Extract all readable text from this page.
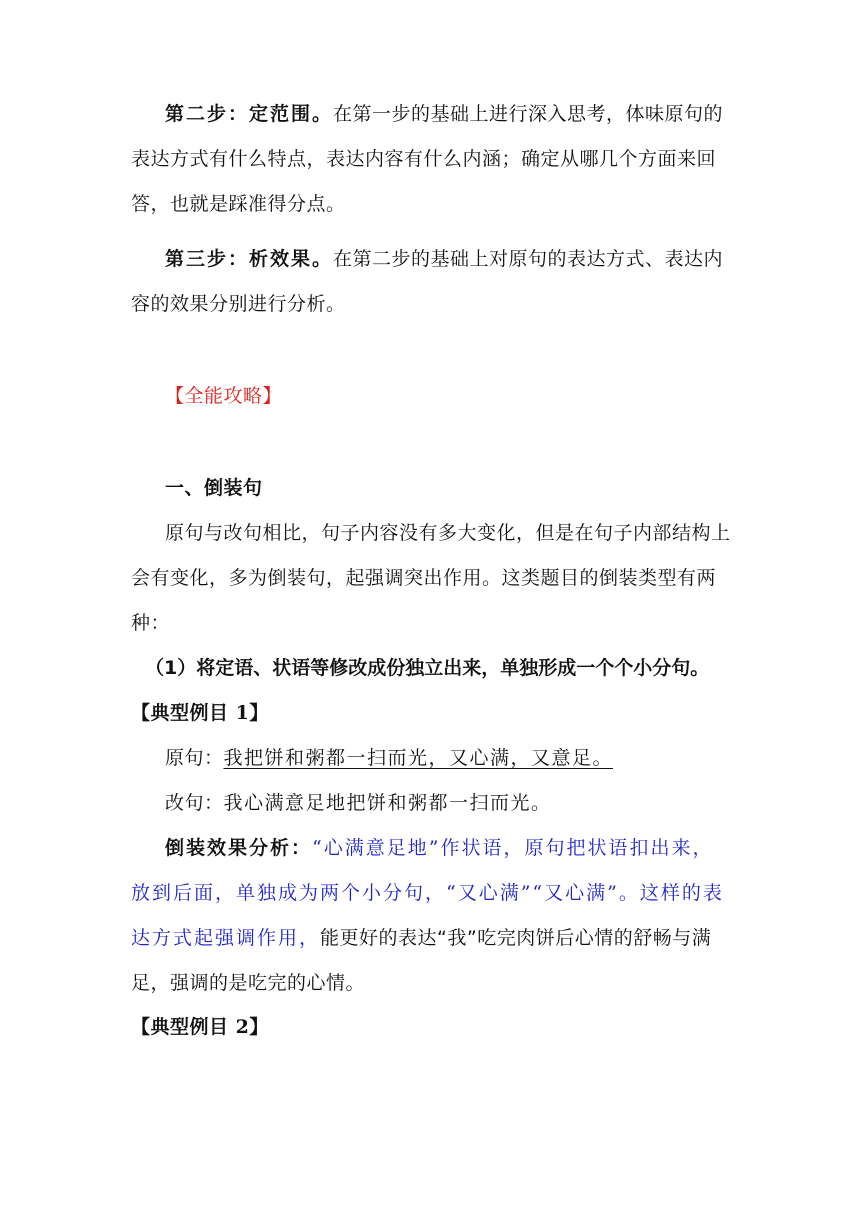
第二步：定范围。在第一步的基础上进行深入思考，体味原句的表达方式有什么特点，表达内容有什么内涵；确定从哪几个方面来回答，也就是踩准得分点。

第三步：析效果。在第二步的基础上对原句的表达方式、表达内容的效果分别进行分析。

【全能攻略】

一、倒装句

原句与改句相比，句子内容没有多大变化，但是在句子内部结构上会有变化，多为倒装句，起强调突出作用。这类题目的倒装类型有两种：

（1）将定语、状语等修改成份独立出来，单独形成一个个小分句。

【典型例目 1】

原句：我把饼和粥都一扫而光，又心满，又意足。

改句：我心满意足地把饼和粥都一扫而光。

倒装效果分析：“心满意足地”作状语，原句把状语扣出来，放到后面，单独成为两个小分句，“又心满”“又心满”。这样的表达方式起强调作用，能更好的表达“我”吃完肉饼后心情的舒畅与满足，强调的是吃完的心情。

【典型例目 2】
